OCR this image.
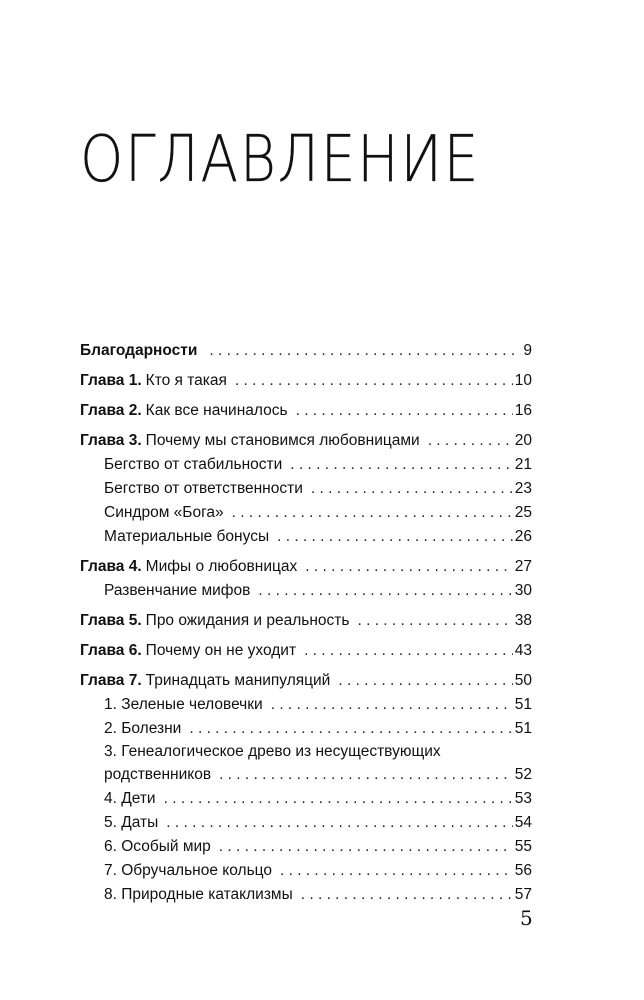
ОГЛАВЛЕНИЕ
Благодарности . . .	9
Глава 1. Кто я такая . . .	10
Глава 2. Как все начиналось . . .	16
Глава 3. Почему мы становимся любовницами . . .	20
Бегство от стабильности . . .	21
Бегство от ответственности . . .	23
Синдром «Бога» . . .	25
Материальные бонусы . . .	26
Глава 4. Мифы о любовницах . . .	27
Развенчание мифов . . .	30
Глава 5. Про ожидания и реальность . . .	38
Глава 6. Почему он не уходит . . .	43
Глава 7. Тринадцать манипуляций . . .	50
1. Зеленые человечки . . .	51
2. Болезни . . .	51
3. Генеалогическое древо из несуществующих
родственников . . .	52
4. Дети . . .	53
5. Даты . . .	54
6. Особый мир . . .	55
7. Обручальное кольцо . . .	56
8. Природные катаклизмы . . .	57
5
